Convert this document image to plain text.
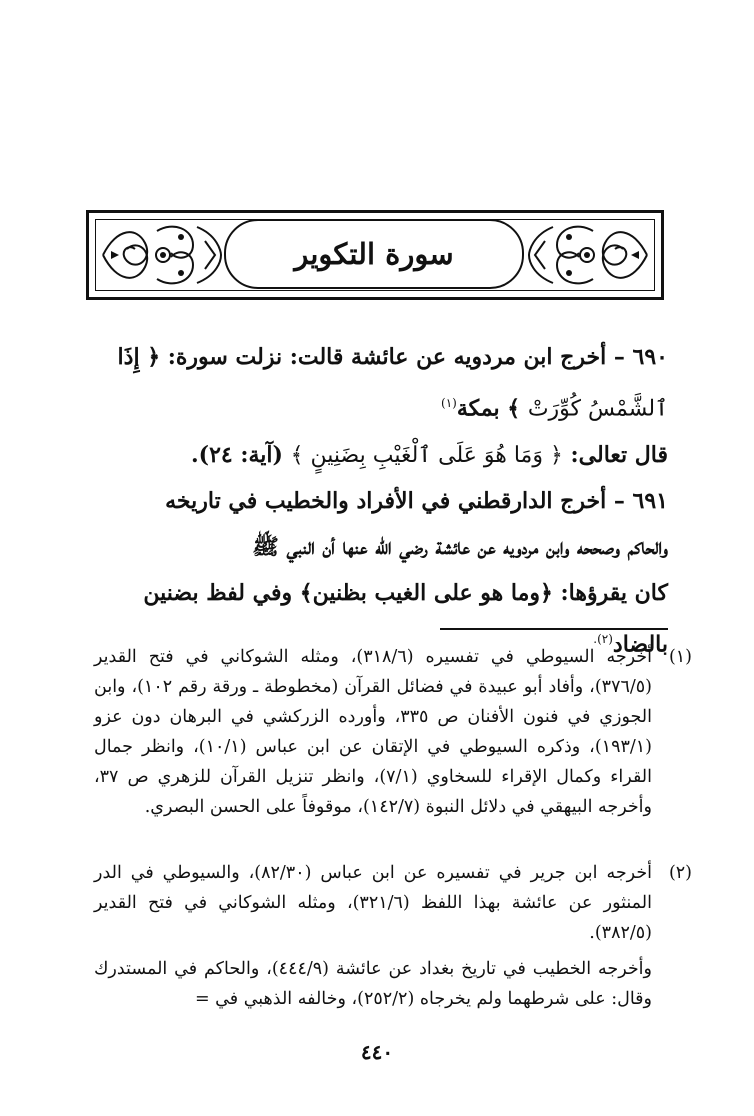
سورة التكوير

٦٩٠ – أخرج ابن مردويه عن عائشة قالت: نزلت سورة: ﴿ إِذَا

ٱلشَّمْسُ كُوِّرَتْ ﴾ بمكة$^{(١)}$

قال تعالى: ﴿ وَمَا هُوَ عَلَى ٱلْغَيْبِ بِضَنِينٍ ﴾ (آية: ٢٤).

٦٩١ – أخرج الدارقطني في الأفراد والخطيب في تاريخه

والحاكم وصححه وابن مردويه عن عائشة رضي الله عنها أن النبي ﷺ

كان يقرؤها: ﴿وما هو على الغيب بظنين﴾ وفي لفظ بضنين بالضاد$^{(٢).}$

(١)

أخرجه السيوطي في تفسيره (٣١٨/٦)، ومثله الشوكاني في فتح القدير (٣٧٦/٥)، وأفاد أبو عبيدة في فضائل القرآن (مخطوطة ـ ورقة رقم ١٠٢)، وابن الجوزي في فنون الأفنان ص ٣٣٥، وأورده الزركشي في البرهان دون عزو (١٩٣/١)، وذكره السيوطي في الإتقان عن ابن عباس (١٠/١)، وانظر جمال القراء وكمال الإقراء للسخاوي (٧/١)، وانظر تنزيل القرآن للزهري ص ٣٧، وأخرجه البيهقي في دلائل النبوة (١٤٢/٧)، موقوفاً على الحسن البصري.

(٢)

أخرجه ابن جرير في تفسيره عن ابن عباس (٨٢/٣٠)، والسيوطي في الدر المنثور عن عائشة بهذا اللفظ (٣٢١/٦)، ومثله الشوكاني في فتح القدير (٣٨٢/٥).

وأخرجه الخطيب في تاريخ بغداد عن عائشة (٤٤٤/٩)، والحاكم في المستدرك وقال: على شرطهما ولم يخرجاه (٢٥٢/٢)، وخالفه الذهبي في =
٤٤٠
